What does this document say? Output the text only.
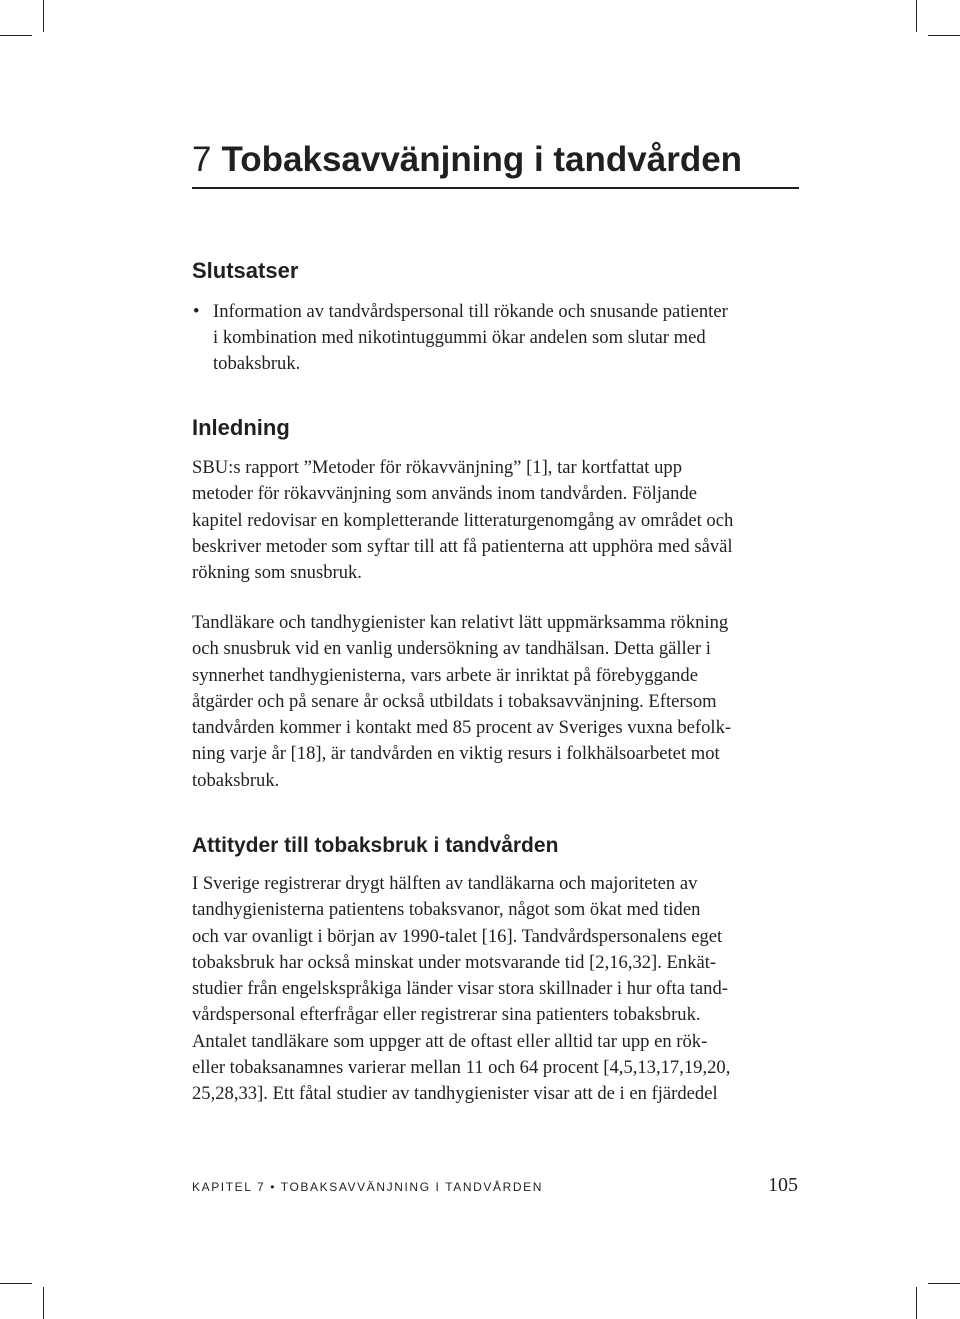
7 Tobaksavvänjning i tandvården
Slutsatser
• Information av tandvårdspersonal till rökande och snusande patienter
i kombination med nikotintuggummi ökar andelen som slutar med
tobaksbruk.
Inledning

SBU:s rapport ”Metoder för rökavvänjning” [1], tar kortfattat upp
metoder för rökavvänjning som används inom tandvården. Följande
kapitel redovisar en kompletterande litteraturgenomgång av området och
beskriver metoder som syftar till att få patienterna att upphöra med såväl
rökning som snusbruk.

Tandläkare och tandhygienister kan relativt lätt uppmärksamma rökning
och snusbruk vid en vanlig undersökning av tandhälsan. Detta gäller i
synnerhet tandhygienisterna, vars arbete är inriktat på förebyggande
åtgärder och på senare år också utbildats i tobaksavvänjning. Eftersom
tandvården kommer i kontakt med 85 procent av Sveriges vuxna befolk-
ning varje år [18], är tandvården en viktig resurs i folkhälsoarbetet mot
tobaksbruk.

Attityder till tobaksbruk i tandvården

I Sverige registrerar drygt hälften av tandläkarna och majoriteten av
tandhygienisterna patientens tobaksvanor, något som ökat med tiden
och var ovanligt i början av 1990-talet [16]. Tandvårdspersonalens eget
tobaksbruk har också minskat under motsvarande tid [2,16,32]. Enkät-
studier från engelskspråkiga länder visar stora skillnader i hur ofta tand-
vårdspersonal efterfrågar eller registrerar sina patienters tobaksbruk.
Antalet tandläkare som uppger att de oftast eller alltid tar upp en rök-
eller tobaksanamnes varierar mellan 11 och 64 procent [4,5,13,17,19,20,
25,28,33]. Ett fåtal studier av tandhygienister visar att de i en fjärdedel

KAPITEL 7 • TOBAKSAVVÄNJNING I TANDVÅRDEN	105
